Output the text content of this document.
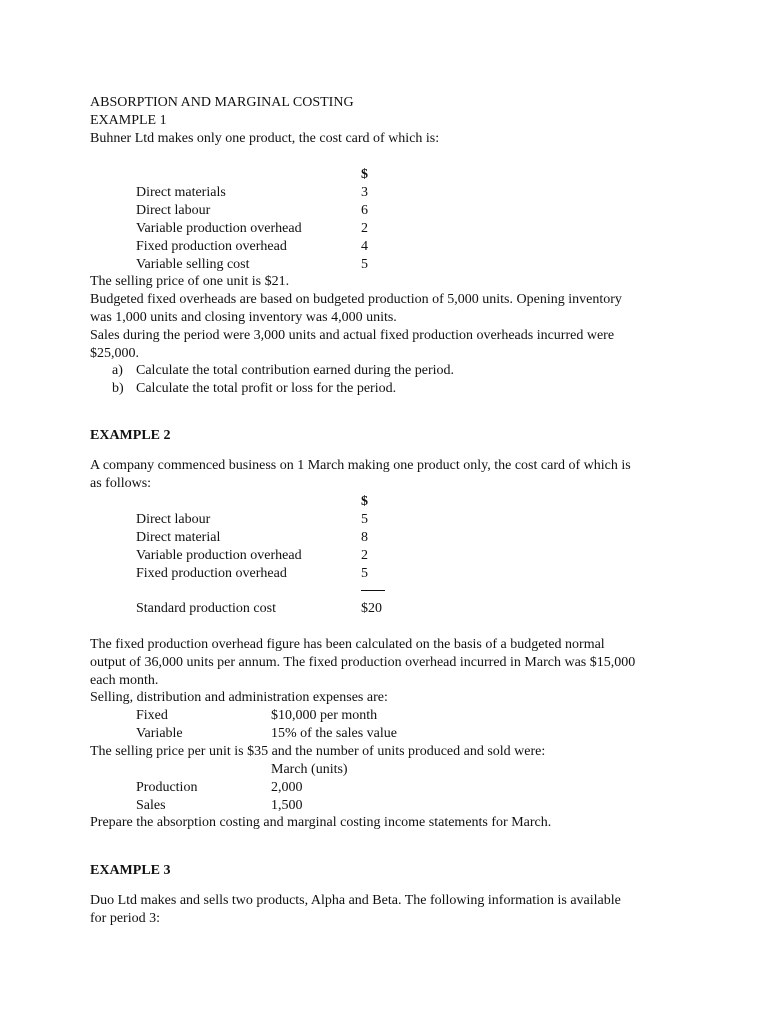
ABSORPTION AND MARGINAL COSTING
EXAMPLE 1
Buhner Ltd makes only one product, the cost card of which is:
$
Direct materials	3
Direct labour	6
Variable production overhead	2
Fixed production overhead	4
Variable selling cost	5
The selling price of one unit is $21.
Budgeted fixed overheads are based on budgeted production of 5,000 units. Opening inventory
was 1,000 units and closing inventory was 4,000 units.
Sales during the period were 3,000 units and actual fixed production overheads incurred were
$25,000.
a) Calculate the total contribution earned during the period.
b) Calculate the total profit or loss for the period.
EXAMPLE 2
A company commenced business on 1 March making one product only, the cost card of which is
as follows:
$
Direct labour	5
Direct material	8
Variable production overhead	2
Fixed production overhead	5
Standard production cost	$20
The fixed production overhead figure has been calculated on the basis of a budgeted normal
output of 36,000 units per annum. The fixed production overhead incurred in March was $15,000
each month.
Selling, distribution and administration expenses are:
Fixed	$10,000 per month
Variable	15% of the sales value
The selling price per unit is $35 and the number of units produced and sold were:
March (units)
Production	2,000
Sales	1,500
Prepare the absorption costing and marginal costing income statements for March.
EXAMPLE 3
Duo Ltd makes and sells two products, Alpha and Beta. The following information is available
for period 3:
